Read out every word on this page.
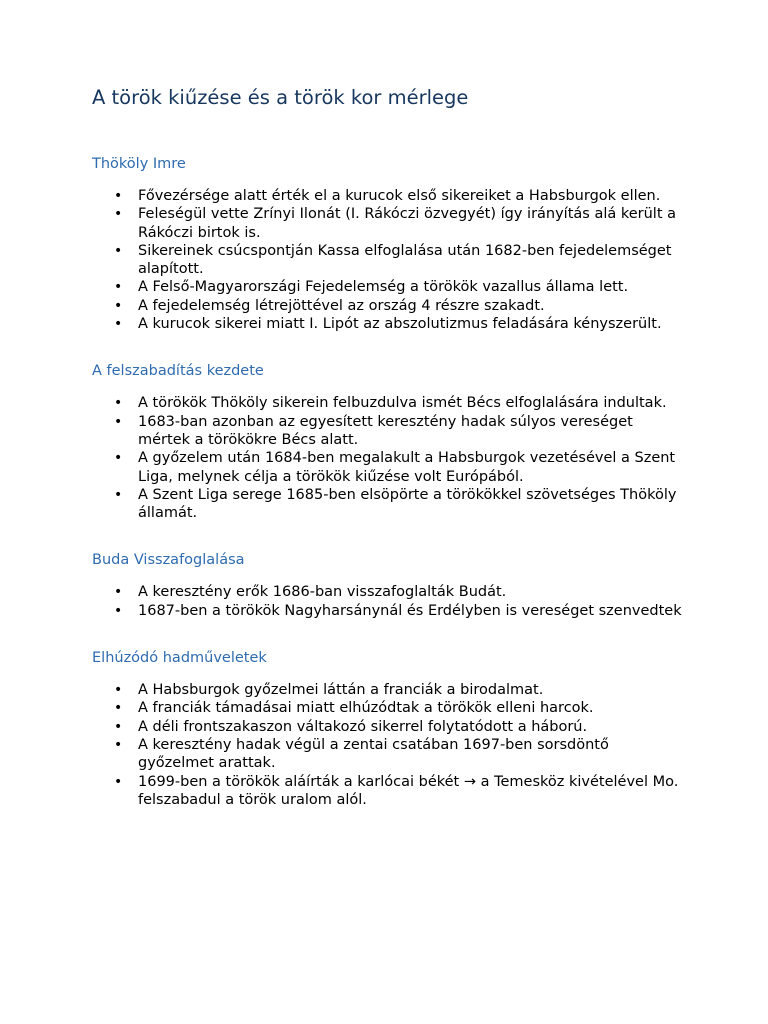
A török kiűzése és a török kor mérlege
Thököly Imre
• Fővezérsége alatt érték el a kurucok első sikereiket a Habsburgok ellen.
• Feleségül vette Zrínyi Ilonát (I. Rákóczi özvegyét) így irányítás alá került a Rákóczi birtok is.
• Sikereinek csúcspontján Kassa elfoglalása után 1682-ben fejedelemséget alapított.
• A Felső-Magyarországi Fejedelemség a törökök vazallus állama lett.
• A fejedelemség létrejöttével az ország 4 részre szakadt.
• A kurucok sikerei miatt I. Lipót az abszolutizmus feladására kényszerült.
A felszabadítás kezdete
• A törökök Thököly sikerein felbuzdulva ismét Bécs elfoglalására indultak.
• 1683-ban azonban az egyesített keresztény hadak súlyos vereséget mértek a törökökre Bécs alatt.
• A győzelem után 1684-ben megalakult a Habsburgok vezetésével a Szent Liga, melynek célja a törökök kiűzése volt Európából.
• A Szent Liga serege 1685-ben elsöpörte a törökökkel szövetséges Thököly államát.
Buda Visszafoglalása
• A keresztény erők 1686-ban visszafoglalták Budát.
• 1687-ben a törökök Nagyharsánynál és Erdélyben is vereséget szenvedtek
Elhúzódó hadműveletek
• A Habsburgok győzelmei láttán a franciák a birodalmat.
• A franciák támadásai miatt elhúzódtak a törökök elleni harcok.
• A déli frontszakaszon váltakozó sikerrel folytatódott a háború.
• A keresztény hadak végül a zentai csatában 1697-ben sorsdöntő győzelmet arattak.
• 1699-ben a törökök aláírták a karlócai békét → a Temesköz kivételével Mo. felszabadul a török uralom alól.
